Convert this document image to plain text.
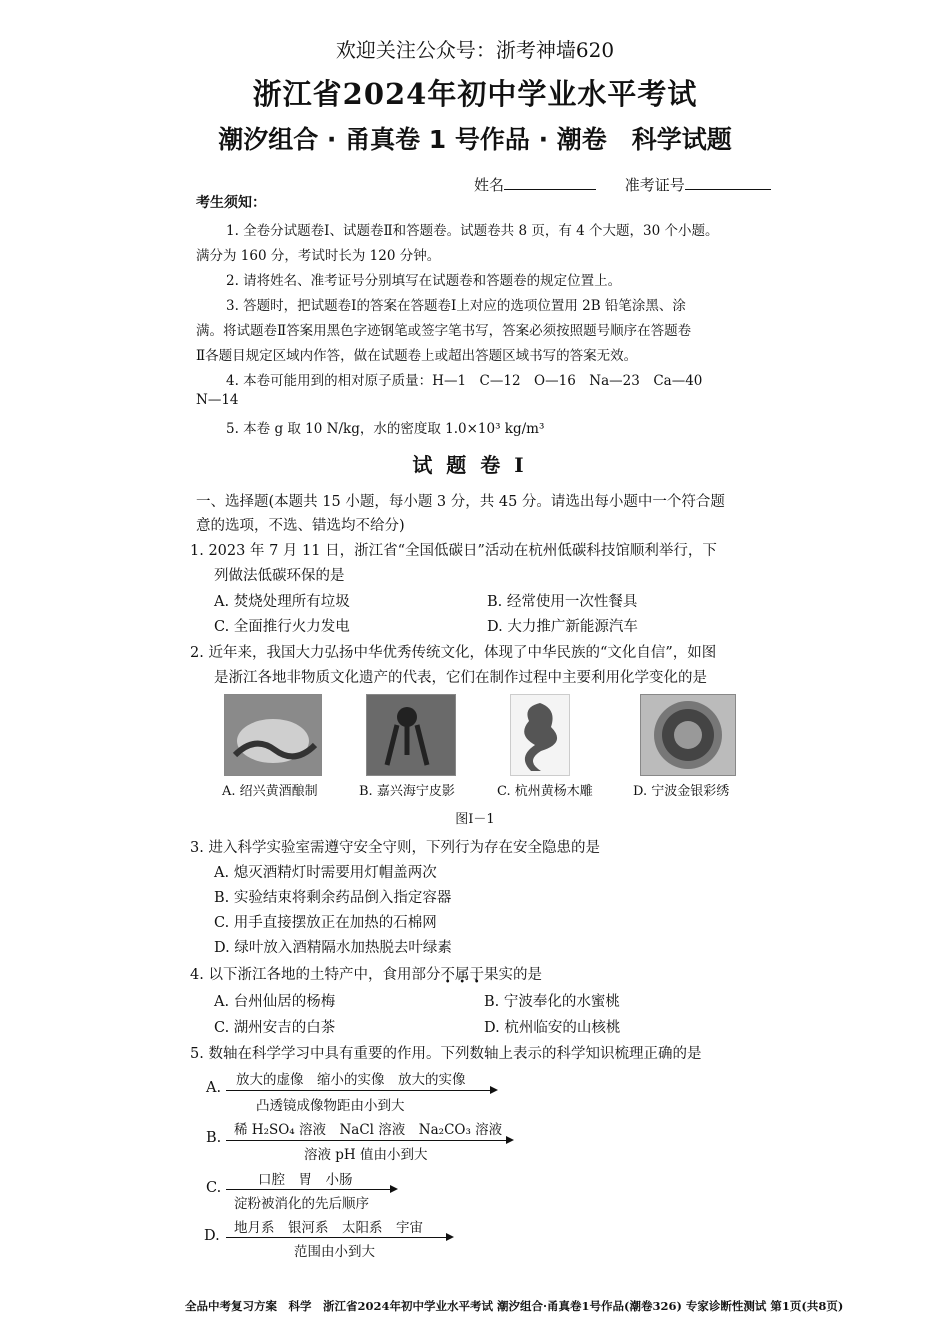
欢迎关注公众号：浙考神墙620
浙江省2024年初中学业水平考试
潮汐组合 · 甬真卷 1 号作品 · 潮卷　科学试题
姓名	准考证号
考生须知：
1. 全卷分试题卷Ⅰ、试题卷Ⅱ和答题卷。试题卷共 8 页，有 4 个大题，30 个小题。
满分为 160 分，考试时长为 120 分钟。
2. 请将姓名、准考证号分别填写在试题卷和答题卷的规定位置上。
3. 答题时，把试题卷Ⅰ的答案在答题卷Ⅰ上对应的选项位置用 2B 铅笔涂黑、涂
满。将试题卷Ⅱ答案用黑色字迹钢笔或签字笔书写，答案必须按照题号顺序在答题卷
Ⅱ各题目规定区域内作答，做在试题卷上或超出答题区域书写的答案无效。
4. 本卷可能用到的相对原子质量：H—1　C—12　O—16　Na—23　Ca—40
N—14
5. 本卷 g 取 10 N/kg，水的密度取 1.0×10³ kg/m³
试题卷Ⅰ
一、选择题(本题共 15 小题，每小题 3 分，共 45 分。请选出每小题中一个符合题
意的选项，不选、错选均不给分)
1. 2023 年 7 月 11 日，浙江省“全国低碳日”活动在杭州低碳科技馆顺利举行，下
列做法低碳环保的是
A. 焚烧处理所有垃圾	B. 经常使用一次性餐具
C. 全面推行火力发电	D. 大力推广新能源汽车
2. 近年来，我国大力弘扬中华优秀传统文化，体现了中华民族的“文化自信”，如图
是浙江各地非物质文化遗产的代表，它们在制作过程中主要利用化学变化的是
A. 绍兴黄酒酿制	B. 嘉兴海宁皮影	C. 杭州黄杨木雕	D. 宁波金银彩绣
图Ⅰ－1
3. 进入科学实验室需遵守安全守则，下列行为存在安全隐患的是
A. 熄灭酒精灯时需要用灯帽盖两次
B. 实验结束将剩余药品倒入指定容器
C. 用手直接摆放正在加热的石棉网
D. 绿叶放入酒精隔水加热脱去叶绿素
4. 以下浙江各地的土特产中，食用部分不属于果实的是
A. 台州仙居的杨梅	B. 宁波奉化的水蜜桃
C. 湖州安吉的白茶	D. 杭州临安的山核桃
5. 数轴在科学学习中具有重要的作用。下列数轴上表示的科学知识梳理正确的是
A. 放大的虚像　缩小的实像　放大的实像
凸透镜成像物距由小到大
B. 稀 H₂SO₄ 溶液　NaCl 溶液　Na₂CO₃ 溶液
溶液 pH 值由小到大
C.	口腔　胃　小肠
淀粉被消化的先后顺序
D. 地月系　银河系　太阳系　宇宙
范围由小到大
全品中考复习方案　科学　浙江省2024年初中学业水平考试 潮汐组合·甬真卷1号作品(潮卷326) 专家诊断性测试 第1页(共8页)
